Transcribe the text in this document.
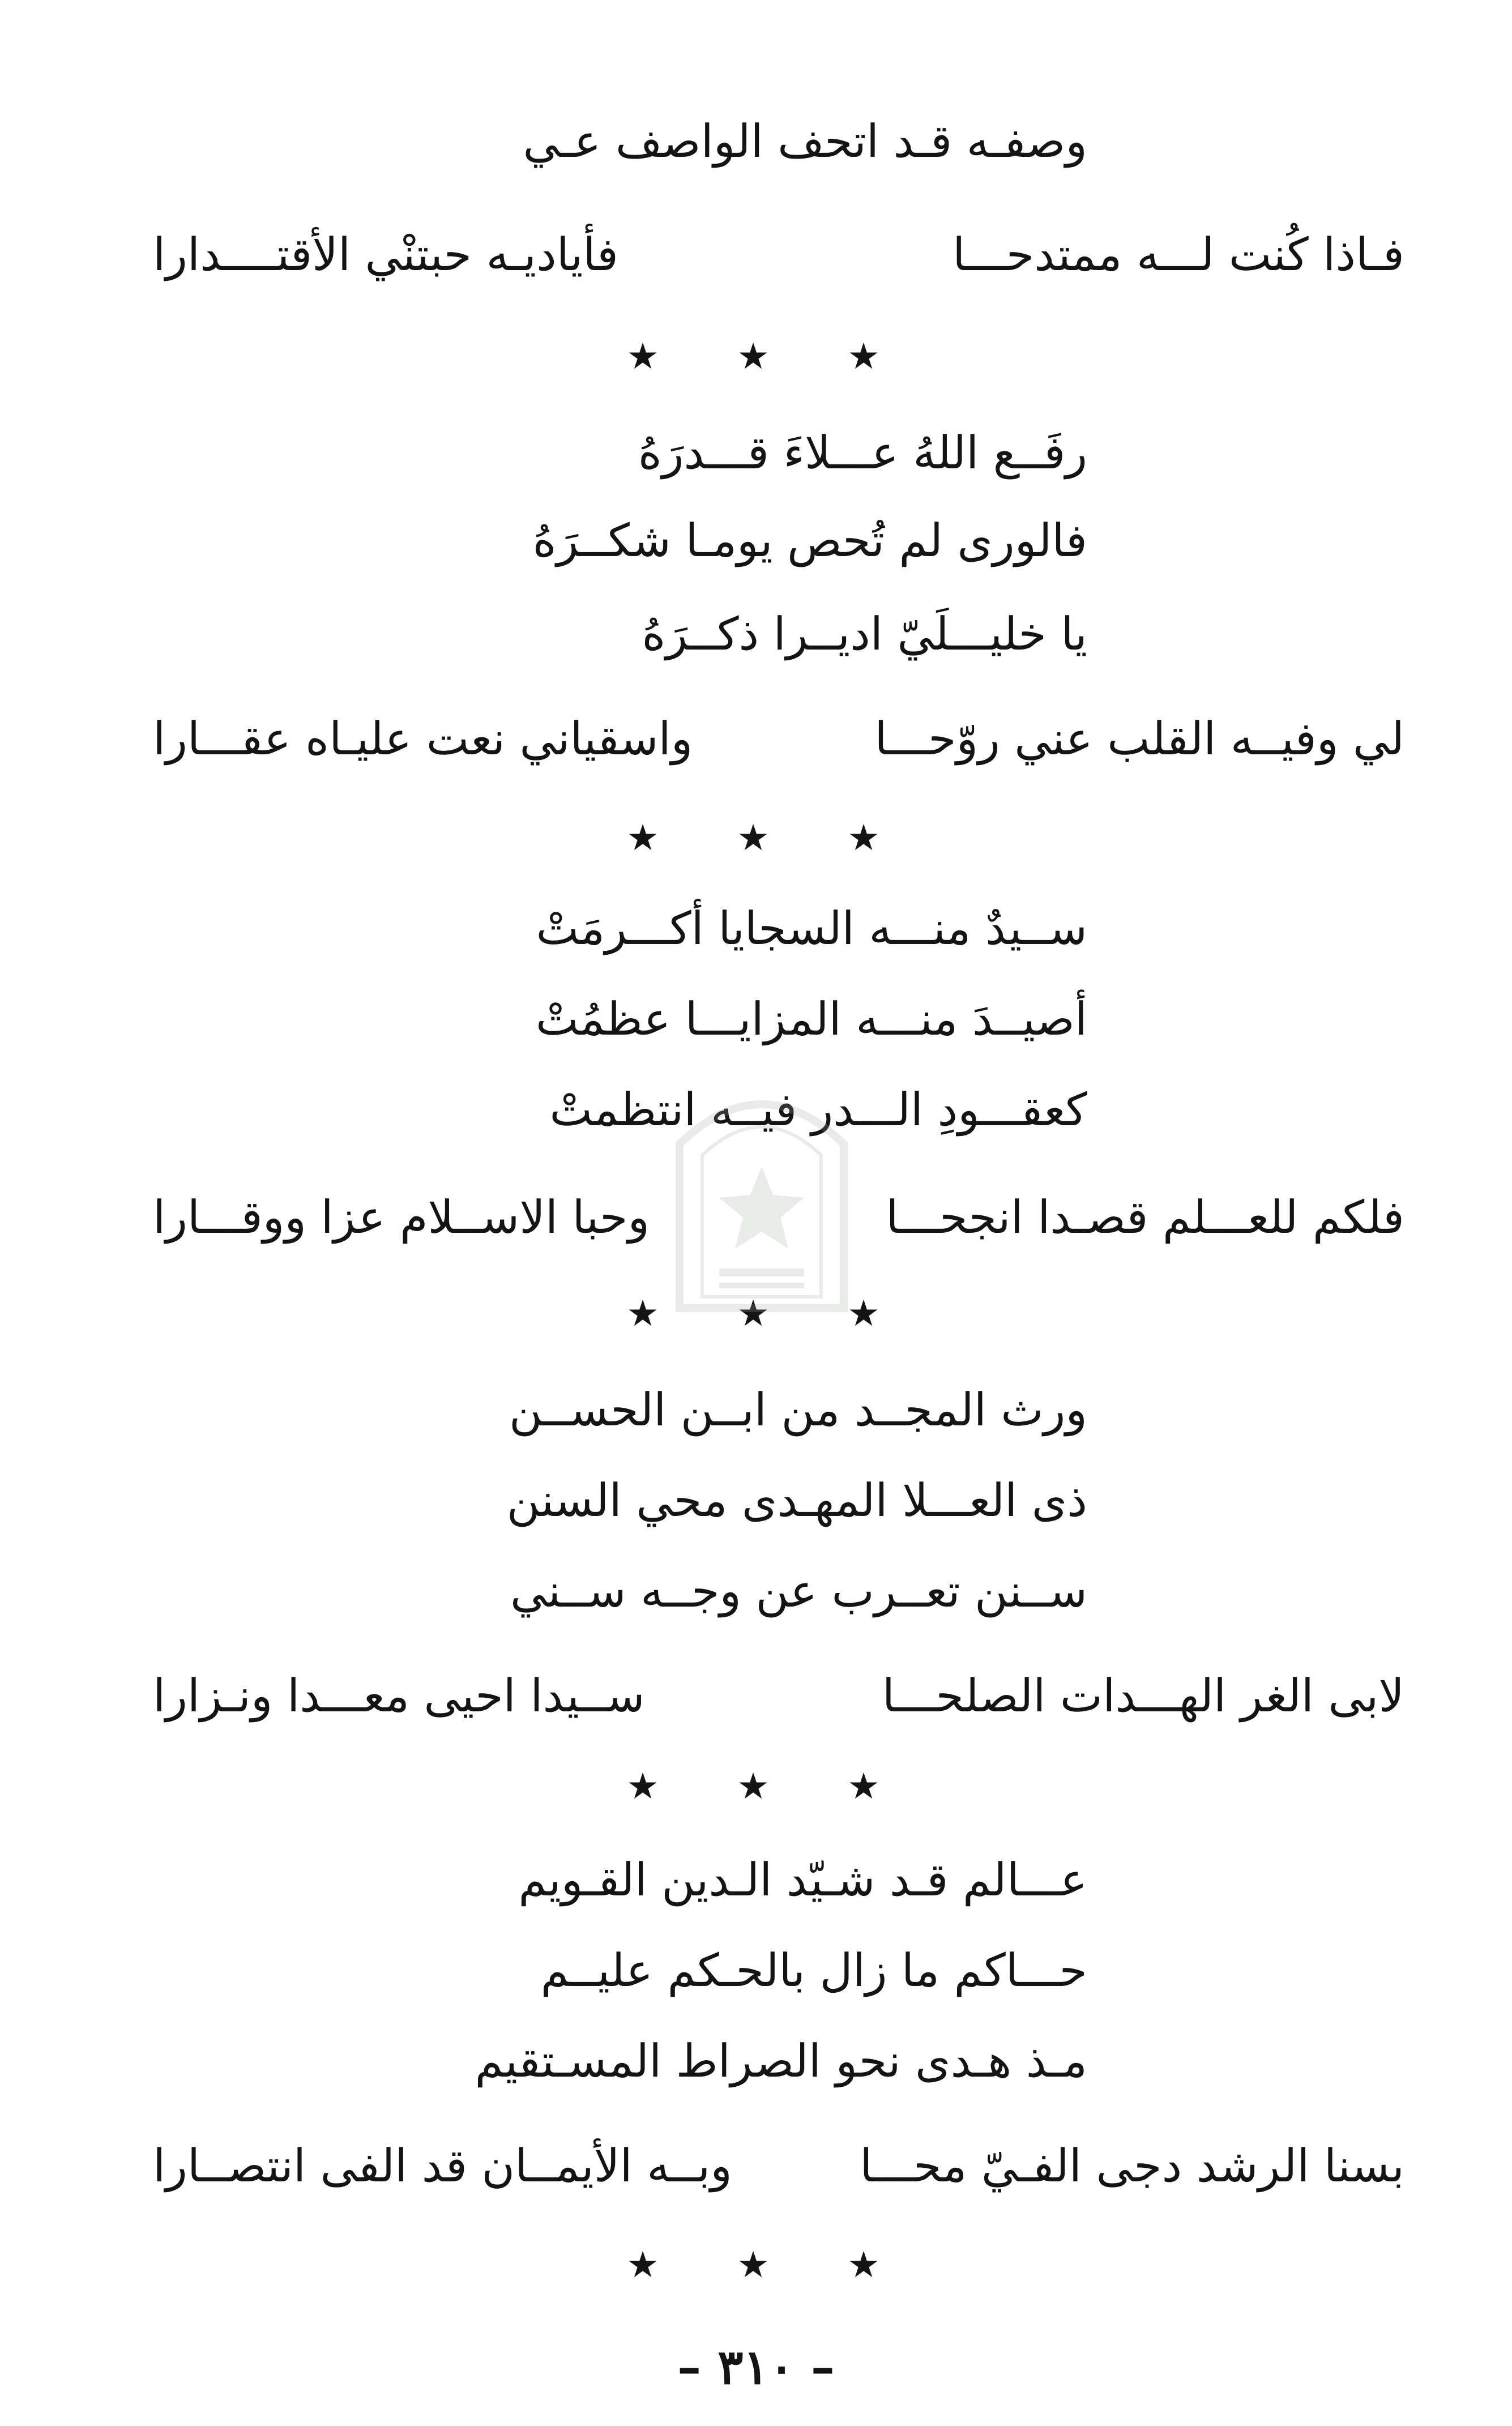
وصفـه قـد اتحف الواصف عـي
فـاذا كُنت لـــه ممتدحـــا
فأياديـه حبتنْي الأقتــــدارا
★ ★ ★
رفَــع اللهُ عـــلاءَ قـــدرَهُ
فالورى لم تُحص يومـا شكــرَهُ
يا خليـــلَيّ اديــرا ذكــرَهُ
لي وفيــه القلب عني روّحـــا
واسقياني نعت عليـاه عقـــارا
★ ★ ★
ســيدٌ منـــه السجايا أكـــرمَتْ
أصيــدَ منـــه المزايـــا عظمُتْ
كعقـــودِ الـــدر فيــه انتظمتْ
فلكم للعـــلم قصـدا انجحـــا
وحبا الاســلام عزا ووقـــارا
★ ★ ★
ورث المجــد من ابــن الحســن
ذى العـــلا المهـدى محي السنن
ســنن تعــرب عن وجــه ســني
لابى الغر الهـــدات الصلحـــا
ســيدا احيى معـــدا ونـزارا
★ ★ ★
عـــالم قـد شـيّد الـدين القـويم
حـــاكم ما زال بالحـكم عليــم
مـذ هـدى نحو الصراط المسـتقيم
بسنا الرشد دجى الفـيّ محـــا
وبــه الأيمــان قد الفى انتصــارا
★ ★ ★
– ٣١٠ –
